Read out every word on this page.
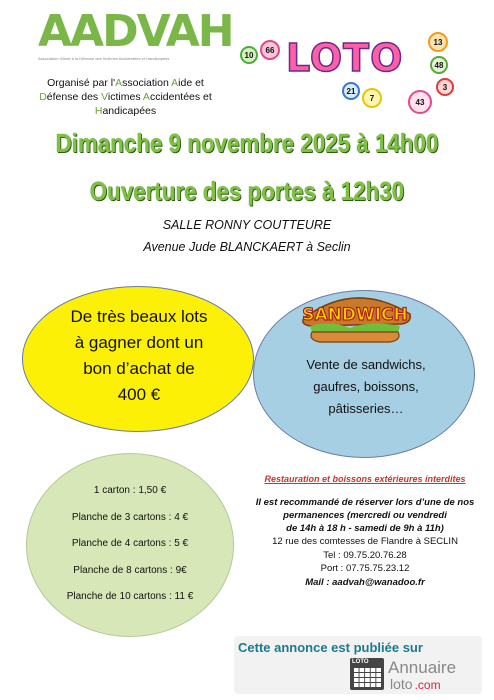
AADVAH
Association d'Aide à la Défense des Victimes Accidentées et Handicapées
Organisé par l'Association Aide et
Défense des Victimes Accidentées et
Handicapées
66
10
13
21
7
3
43
48
LOTO
Dimanche 9 novembre 2025 à 14h00
Ouverture des portes à 12h30
SALLE RONNY COUTTEURE
Avenue Jude BLANCKAERT à Seclin
De très beaux lots
à gagner dont un
bon d’achat de
400 €
SANDWICH
Vente de sandwichs,
gaufres, boissons,
pâtisseries…
1 carton : 1,50 €
Planche de 3 cartons : 4 €
Planche de 4 cartons : 5 €
Planche de 8 cartons : 9€
Planche de 10 cartons : 11 €
Restauration et boissons extérieures interdites
Il est recommandé de réserver lors d’une de nos
permanences (mercredi ou vendredi
de 14h à 18 h - samedi de 9h à 11h)
12 rue des comtesses de Flandre à SECLIN
Tel : 09.75.20.76.28
Port : 07.75.75.23.12
Mail : aadvah@wanadoo.fr
Cette annonce est publiée sur
LOTO Annuaire
loto .com
